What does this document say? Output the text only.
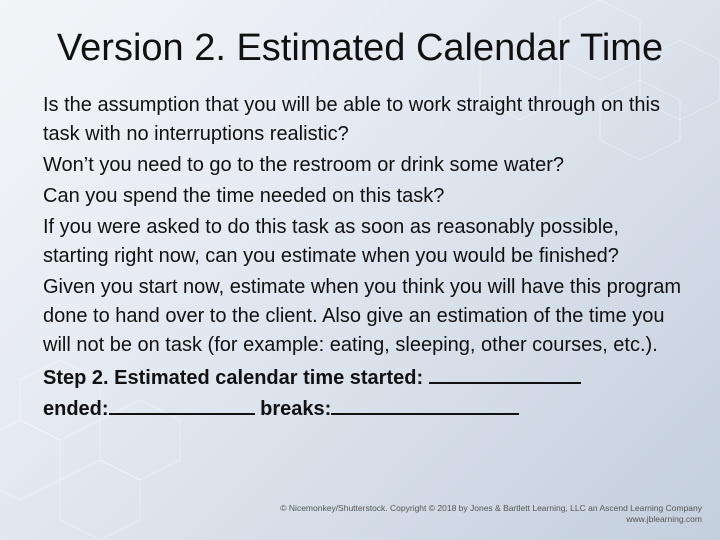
Version 2. Estimated Calendar Time
Is the assumption that you will be able to work straight through on this task with no interruptions realistic?
Won’t you need to go to the restroom or drink some water?
Can you spend the time needed on this task?
If you were asked to do this task as soon as reasonably possible, starting right now, can you estimate when you would be finished?
Given you start now, estimate when you think you will have this program done to hand over to the client. Also give an estimation of the time you will not be on task (for example: eating, sleeping, other courses, etc.).
Step 2. Estimated calendar time started:
ended:	breaks:
© Nicemonkey/Shutterstock. Copyright © 2018 by Jones & Bartlett Learning, LLC an Ascend Learning Company
www.jblearning.com
